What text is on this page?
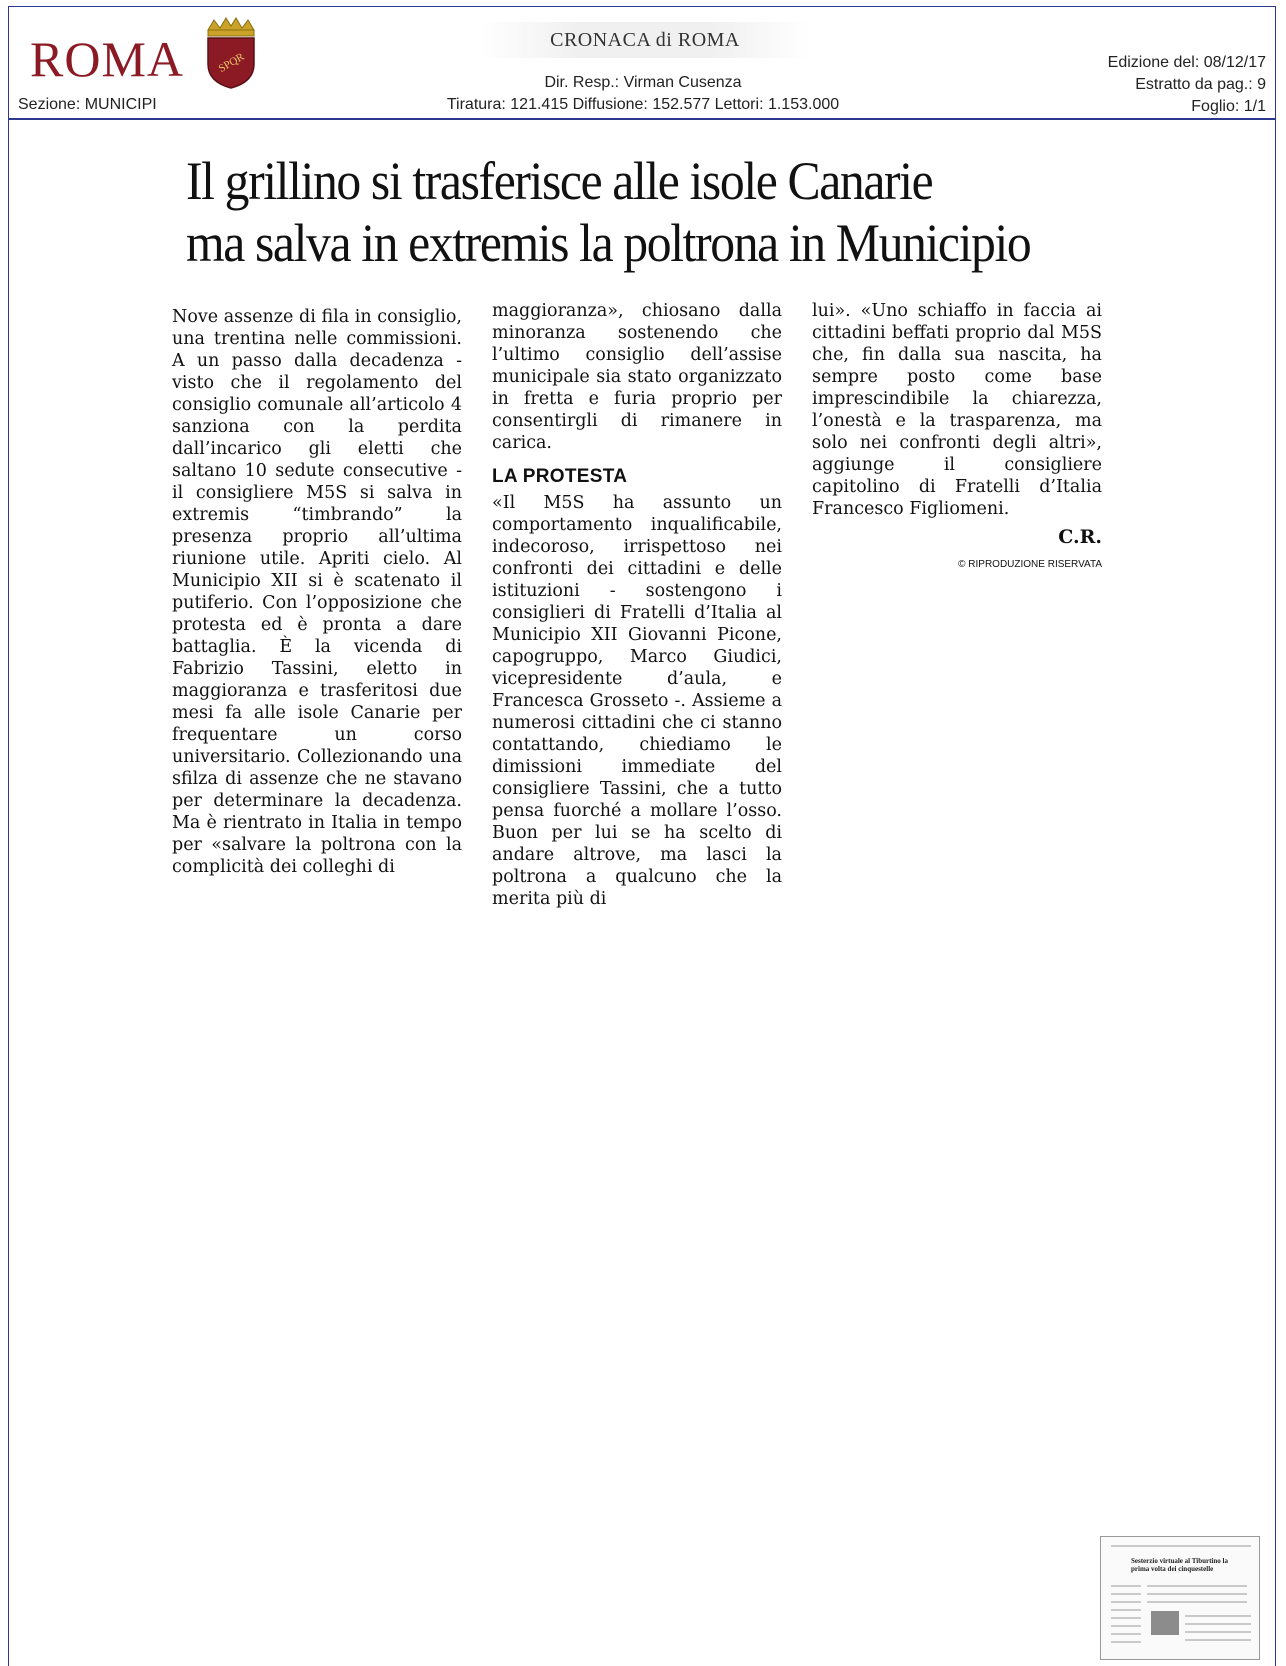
ROMA	SPQR
Sezione: MUNICIPI
CRONACA di ROMA
Dir. Resp.: Virman Cusenza
Tiratura: 121.415 Diffusione: 152.577 Lettori: 1.153.000
Edizione del: 08/12/17
Estratto da pag.: 9
Foglio: 1/1
Il grillino si trasferisce alle isole Canarie
ma salva in extremis la poltrona in Municipio

Nove assenze di fila in consiglio, una trentina nelle commissioni. A un passo dalla decadenza - visto che il regolamento del consiglio comunale all’articolo 4 sanziona con la perdita dall’incarico gli eletti che saltano 10 sedute consecutive - il consigliere M5S si salva in extremis “timbrando” la presenza proprio all’ultima riunione utile. Apriti cielo. Al Municipio XII si è scatenato il putiferio. Con l’opposizione che protesta ed è pronta a dare battaglia. È la vicenda di Fabrizio Tassini, eletto in maggioranza e trasferitosi due mesi fa alle isole Canarie per frequentare un corso universitario. Collezionando una sfilza di assenze che ne stavano per determinare la decadenza. Ma è rientrato in Italia in tempo per «salvare la poltrona con la complicità dei colleghi di

maggioranza», chiosano dalla minoranza sostenendo che l’ultimo consiglio dell’assise municipale sia stato organizzato in fretta e furia proprio per consentirgli di rimanere in carica.

LA PROTESTA

«Il M5S ha assunto un comportamento inqualificabile, indecoroso, irrispettoso nei confronti dei cittadini e delle istituzioni - sostengono i consiglieri di Fratelli d’Italia al Municipio XII Giovanni Picone, capogruppo, Marco Giudici, vicepresidente d’aula, e Francesca Grosseto -. Assieme a numerosi cittadini che ci stanno contattando, chiediamo le dimissioni immediate del consigliere Tassini, che a tutto pensa fuorché a mollare l’osso. Buon per lui se ha scelto di andare altrove, ma lasci la poltrona a qualcuno che la merita più di

lui». «Uno schiaffo in faccia ai cittadini beffati proprio dal M5S che, fin dalla sua nascita, ha sempre posto come base imprescindibile la chiarezza, l’onestà e la trasparenza, ma solo nei confronti degli altri», aggiunge il consigliere capitolino di Fratelli d’Italia Francesco Figliomeni.

C.R.
© RIPRODUZIONE RISERVATA
Sesterzio virtuale al Tiburtino la prima volta dei cinquestelle
